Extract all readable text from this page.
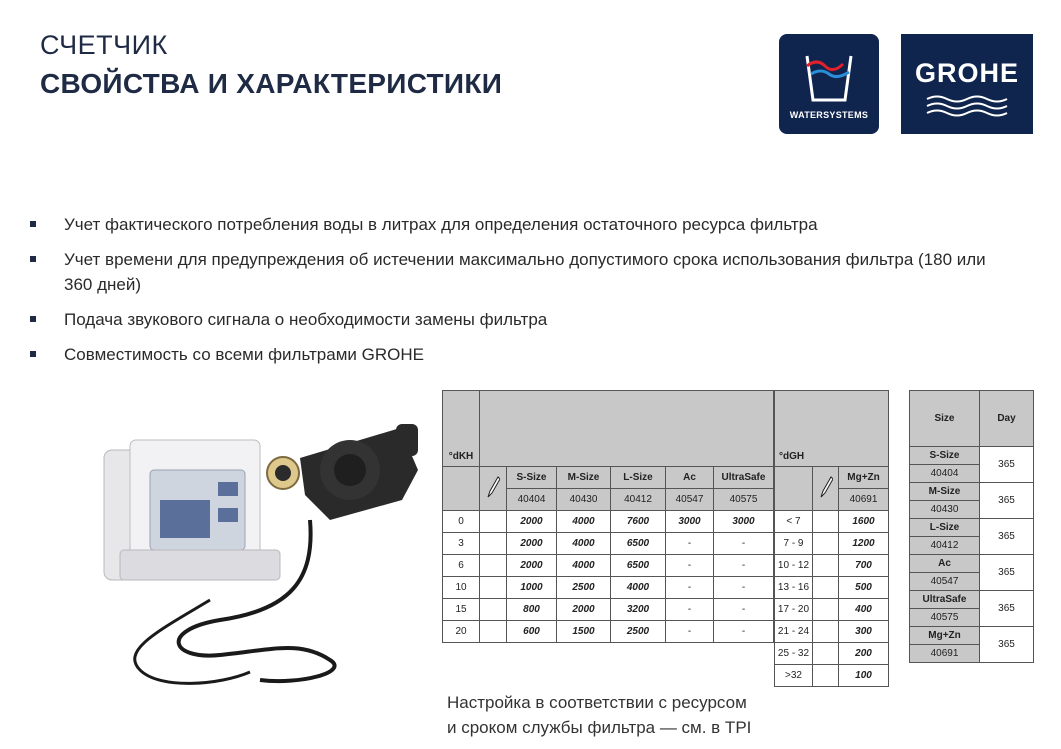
СЧЕТЧИК
СВОЙСТВА И ХАРАКТЕРИСТИКИ
WATERSYSTEMS
GROHE
Учет фактического потребления воды в литрах для определения остаточного ресурса фильтра
Учет времени для предупреждения об истечении максимально допустимого срока использования фильтра (180 или 360 дней)
Подача звукового сигнала о необходимости замены фильтра
Совместимость со всеми фильтрами GROHE
°dKH							°dGH		

		S-Size	M-Size	L-Size	Ac	UltraSafe				Mg+Zn
		40404	40430	40412	40547	40575			40691
0		2000	4000	7600	3000	3000		< 7		1600
3		2000	4000	6500	-	-		7 - 9		1200
6		2000	4000	6500	-	-		10 - 12		700
10		1000	2500	4000	-	-		13 - 16		500
15		800	2000	3200	-	-		17 - 20		400
20		600	1500	2500	-	-		21 - 24		300
								25 - 32		200
								>32		100
Size	Day
S-Size	365
40404	
M-Size	365
40430	
L-Size	365
40412	
Ac	365
40547	
UltraSafe	365
40575	
Mg+Zn	365
40691	
Настройка в соответствии с ресурсом
и сроком службы фильтра — см. в TPI
